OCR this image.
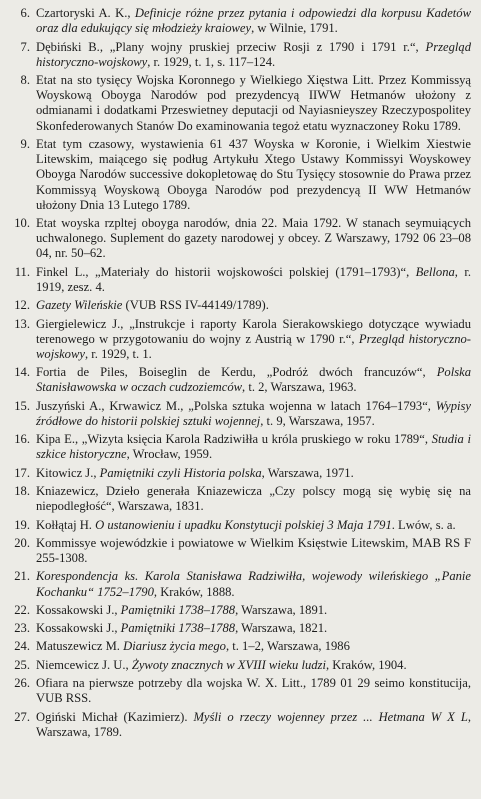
6. Czartoryski A. K., Definicje różne przez pytania i odpowiedzi dla korpusu Kadetów oraz dla edukujący się młodzieży kraiowey, w Wilnie, 1791.
7. Dębiński B., „Plany wojny pruskiej przeciw Rosji z 1790 i 1791 r.“, Przegląd historyczno-wojskowy, r. 1929, t. 1, s. 117–124.
8. Etat na sto tysięcy Wojska Koronnego y Wielkiego Xięstwa Litt. Przez Kommissyą Woyskową Oboyga Narodów pod prezydencyą IIWW Hetmanów ułożony z odmianami i dodatkami Przeswietney deputacji od Nayiasnieyszey Rzeczypospolitey Skonfederowanych Stanów Do examinowania tegoż etatu wyznaczoney Roku 1789.
9. Etat tym czasowy, wystawienia 61 437 Woyska w Koronie, i Wielkim Xiestwie Litewskim, maiącego się podług Artykułu Xtego Ustawy Kommissyi Woyskowey Oboyga Narodów successive dokopletowaę do Stu Tysięcy stosownie do Prawa przez Kommissyą Woyskową Oboyga Narodów pod prezydencyą II WW Hetmanów ułożony Dnia 13 Lutego 1789.
10. Etat woyska rzpltej oboyga narodów, dnia 22. Maia 1792. W stanach seymuiących uchwalonego. Suplement do gazety narodowej y obcey. Z Warszawy, 1792 06 23–08 04, nr. 50–62.
11. Finkel L., „Materiały do historii wojskowości polskiej (1791–1793)“, Bellona, r. 1919, zesz. 4.
12. Gazety Wileńskie (VUB RSS IV-44149/1789).
13. Giergielewicz J., „Instrukcje i raporty Karola Sierakowskiego dotyczące wywiadu terenowego w przygotowaniu do wojny z Austrią w 1790 r.“, Przegląd historyczno-wojskowy, r. 1929, t. 1.
14. Fortia de Piles, Boiseglin de Kerdu, „Podróż dwóch francuzów“, Polska Stanisławowska w oczach cudzoziemców, t. 2, Warszawa, 1963.
15. Juszyński A., Krwawicz M., „Polska sztuka wojenna w latach 1764–1793“, Wypisy źródłowe do historii polskiej sztuki wojennej, t. 9, Warszawa, 1957.
16. Kipa E., „Wizyta księcia Karola Radziwiłła u króla pruskiego w roku 1789“, Studia i szkice historyczne, Wrocław, 1959.
17. Kitowicz J., Pamiętniki czyli Historia polska, Warszawa, 1971.
18. Kniazewicz, Dzieło generała Kniazewicza „Czy polscy mogą się wybię się na niepodległość“, Warszawa, 1831.
19. Kołłątaj H. O ustanowieniu i upadku Konstytucji polskiej 3 Maja 1791. Lwów, s. a.
20. Kommissye wojewódzkie i powiatowe w Wielkim Księstwie Litewskim, MAB RS F 255-1308.
21. Korespondencja ks. Karola Stanisława Radziwiłła, wojewody wileńskiego „Panie Kochanku“ 1752–1790, Kraków, 1888.
22. Kossakowski J., Pamiętniki 1738–1788, Warszawa, 1891.
23. Kossakowski J., Pamiętniki 1738–1788, Warszawa, 1821.
24. Matuszewicz M. Diariusz życia mego, t. 1–2, Warszawa, 1986
25. Niemcewicz J. U., Żywoty znacznych w XVIII wieku ludzi, Kraków, 1904.
26. Ofiara na pierwsze potrzeby dla wojska W. X. Litt., 1789 01 29 seimo konstitucija, VUB RSS.
27. Ogiński Michał (Kazimierz). Myśli o rzeczy wojenney przez ... Hetmana W X L, Warszawa, 1789.
